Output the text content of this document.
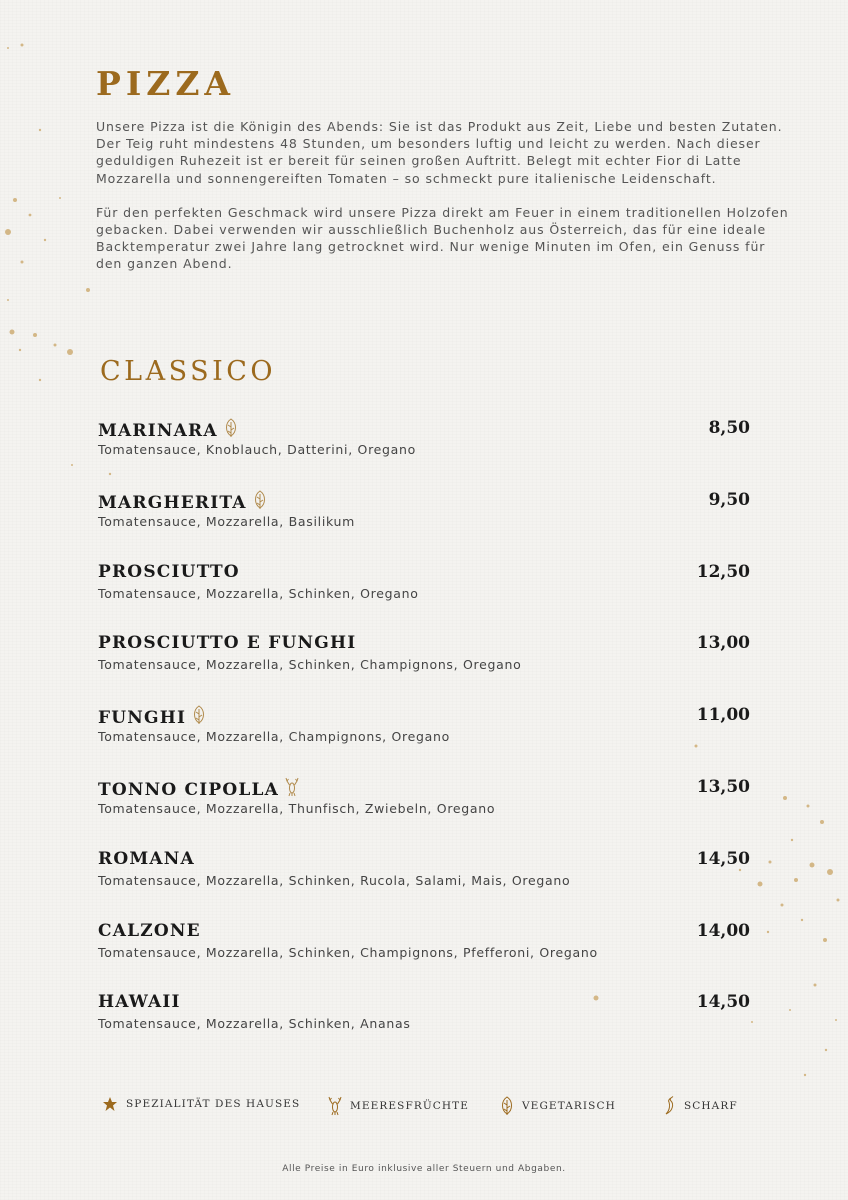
PIZZA

Unsere Pizza ist die Königin des Abends: Sie ist das Produkt aus Zeit, Liebe und besten Zutaten. Der Teig ruht mindestens 48 Stunden, um besonders luftig und leicht zu werden. Nach dieser geduldigen Ruhezeit ist er bereit für seinen großen Auftritt. Belegt mit echter Fior di Latte Mozzarella und sonnengereiften Tomaten – so schmeckt pure italienische Leidenschaft.

Für den perfekten Geschmack wird unsere Pizza direkt am Feuer in einem traditionellen Holzofen gebacken. Dabei verwenden wir ausschließlich Buchenholz aus Österreich, das für eine ideale Backtemperatur zwei Jahre lang getrocknet wird. Nur wenige Minuten im Ofen, ein Genuss für den ganzen Abend.

CLASSICO
MARINARA
Tomatensauce, Knoblauch, Datterini, Oregano
8,50
MARGHERITA
Tomatensauce, Mozzarella, Basilikum
9,50
PROSCIUTTO
Tomatensauce, Mozzarella, Schinken, Oregano
12,50
PROSCIUTTO E FUNGHI
Tomatensauce, Mozzarella, Schinken, Champignons, Oregano
13,00
FUNGHI
Tomatensauce, Mozzarella, Champignons, Oregano
11,00
TONNO CIPOLLA
Tomatensauce, Mozzarella, Thunfisch, Zwiebeln, Oregano
13,50
ROMANA
Tomatensauce, Mozzarella, Schinken, Rucola, Salami, Mais, Oregano
14,50
CALZONE
Tomatensauce, Mozzarella, Schinken, Champignons, Pfefferoni, Oregano
14,00
HAWAII
Tomatensauce, Mozzarella, Schinken, Ananas
14,50
SPEZIALITÄT DES HAUSES	MEERESFRÜCHTE	VEGETARISCH	SCHARF
Alle Preise in Euro inklusive aller Steuern und Abgaben.
